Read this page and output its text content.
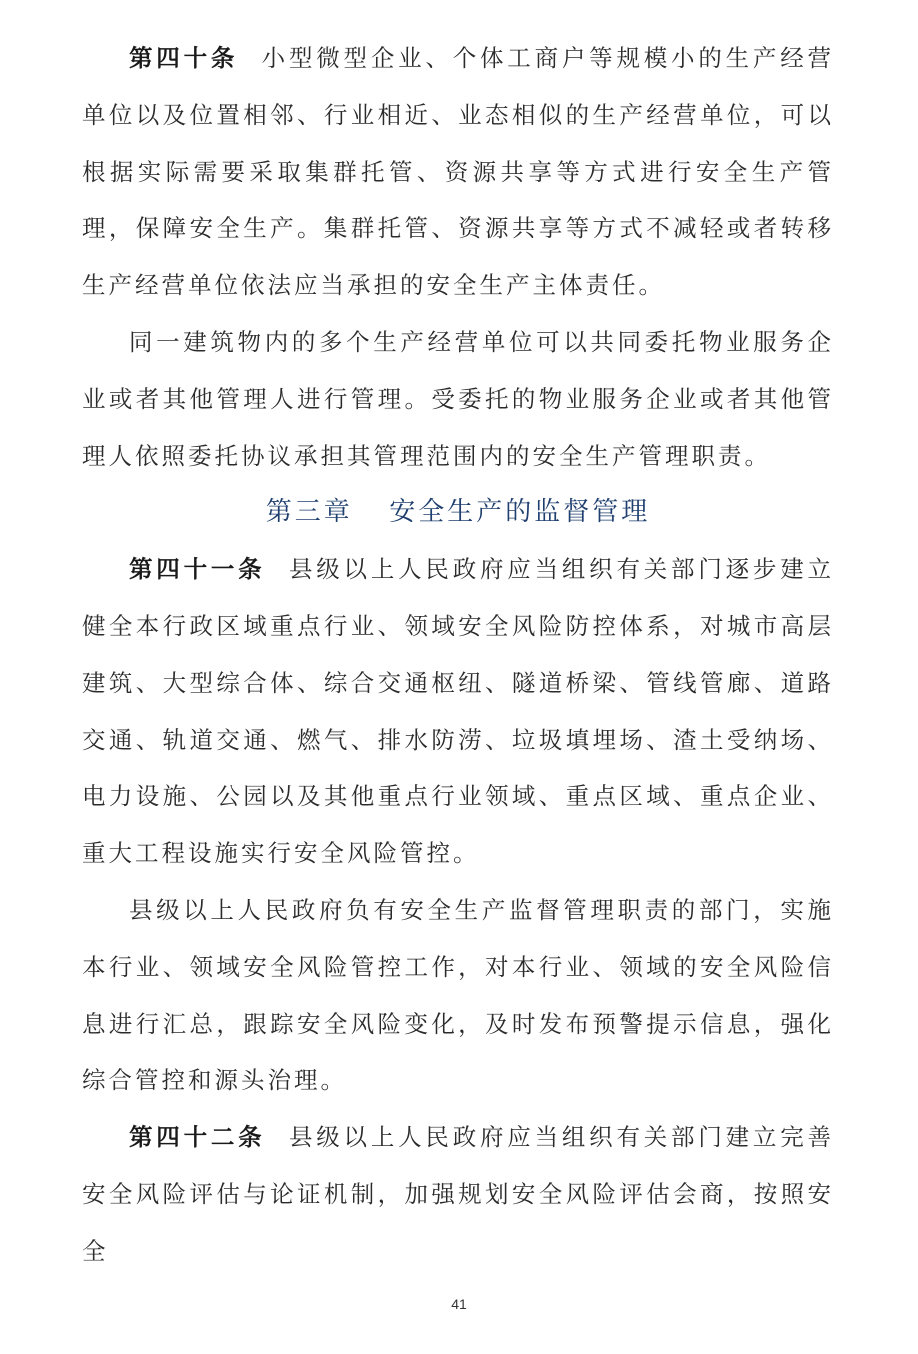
第四十条 小型微型企业、个体工商户等规模小的生产经营单位以及位置相邻、行业相近、业态相似的生产经营单位，可以根据实际需要采取集群托管、资源共享等方式进行安全生产管理，保障安全生产。集群托管、资源共享等方式不减轻或者转移生产经营单位依法应当承担的安全生产主体责任。

同一建筑物内的多个生产经营单位可以共同委托物业服务企业或者其他管理人进行管理。受委托的物业服务企业或者其他管理人依照委托协议承担其管理范围内的安全生产管理职责。

第三章 安全生产的监督管理

第四十一条 县级以上人民政府应当组织有关部门逐步建立健全本行政区域重点行业、领域安全风险防控体系，对城市高层建筑、大型综合体、综合交通枢纽、隧道桥梁、管线管廊、道路交通、轨道交通、燃气、排水防涝、垃圾填埋场、渣土受纳场、电力设施、公园以及其他重点行业领域、重点区域、重点企业、重大工程设施实行安全风险管控。

县级以上人民政府负有安全生产监督管理职责的部门，实施本行业、领域安全风险管控工作，对本行业、领域的安全风险信息进行汇总，跟踪安全风险变化，及时发布预警提示信息，强化综合管控和源头治理。

第四十二条 县级以上人民政府应当组织有关部门建立完善安全风险评估与论证机制，加强规划安全风险评估会商，按照安全

41
